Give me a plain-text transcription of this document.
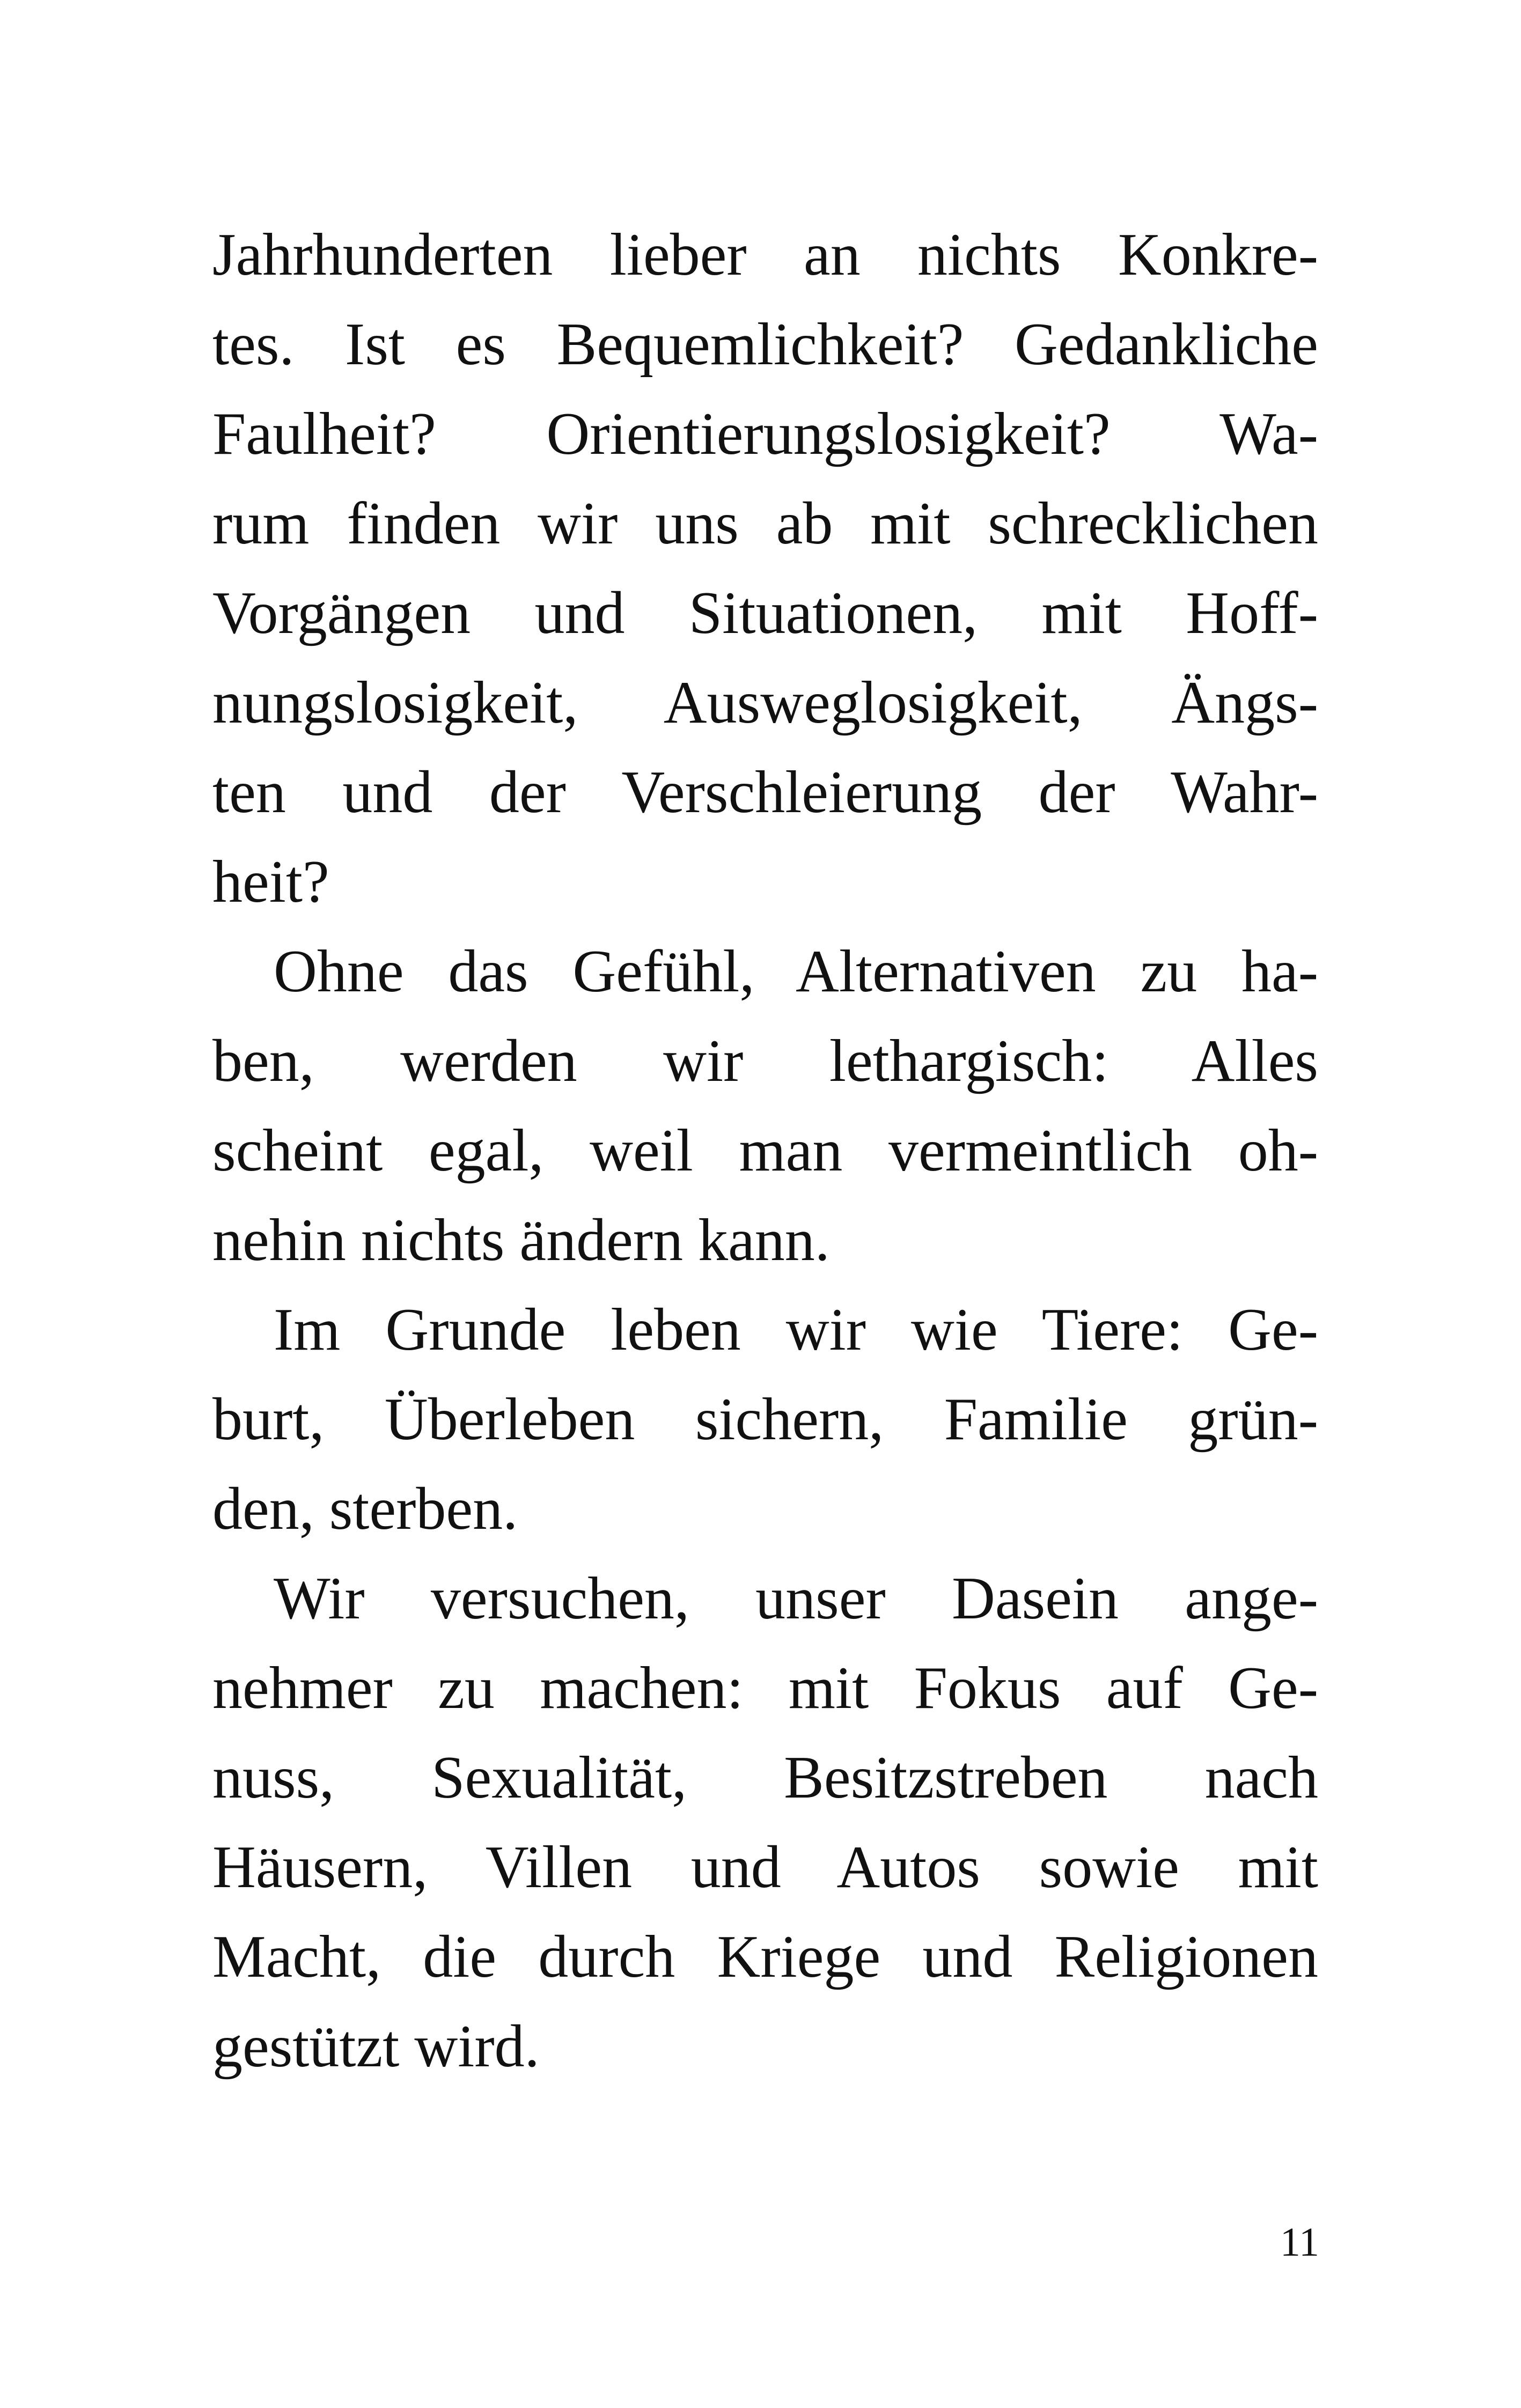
Jahrhunderten lieber an nichts Konkre-
tes. Ist es Bequemlichkeit? Gedankliche
Faulheit? Orientierungslosigkeit? Wa-
rum finden wir uns ab mit schrecklichen
Vorgängen und Situationen, mit Hoff-
nungslosigkeit, Ausweglosigkeit, Ängs-
ten und der Verschleierung der Wahr-
heit?
Ohne das Gefühl, Alternativen zu ha-
ben, werden wir lethargisch: Alles
scheint egal, weil man vermeintlich oh-
nehin nichts ändern kann.
Im Grunde leben wir wie Tiere: Ge-
burt, Überleben sichern, Familie grün-
den, sterben.
Wir versuchen, unser Dasein ange-
nehmer zu machen: mit Fokus auf Ge-
nuss, Sexualität, Besitzstreben nach
Häusern, Villen und Autos sowie mit
Macht, die durch Kriege und Religionen
gestützt wird.
11
